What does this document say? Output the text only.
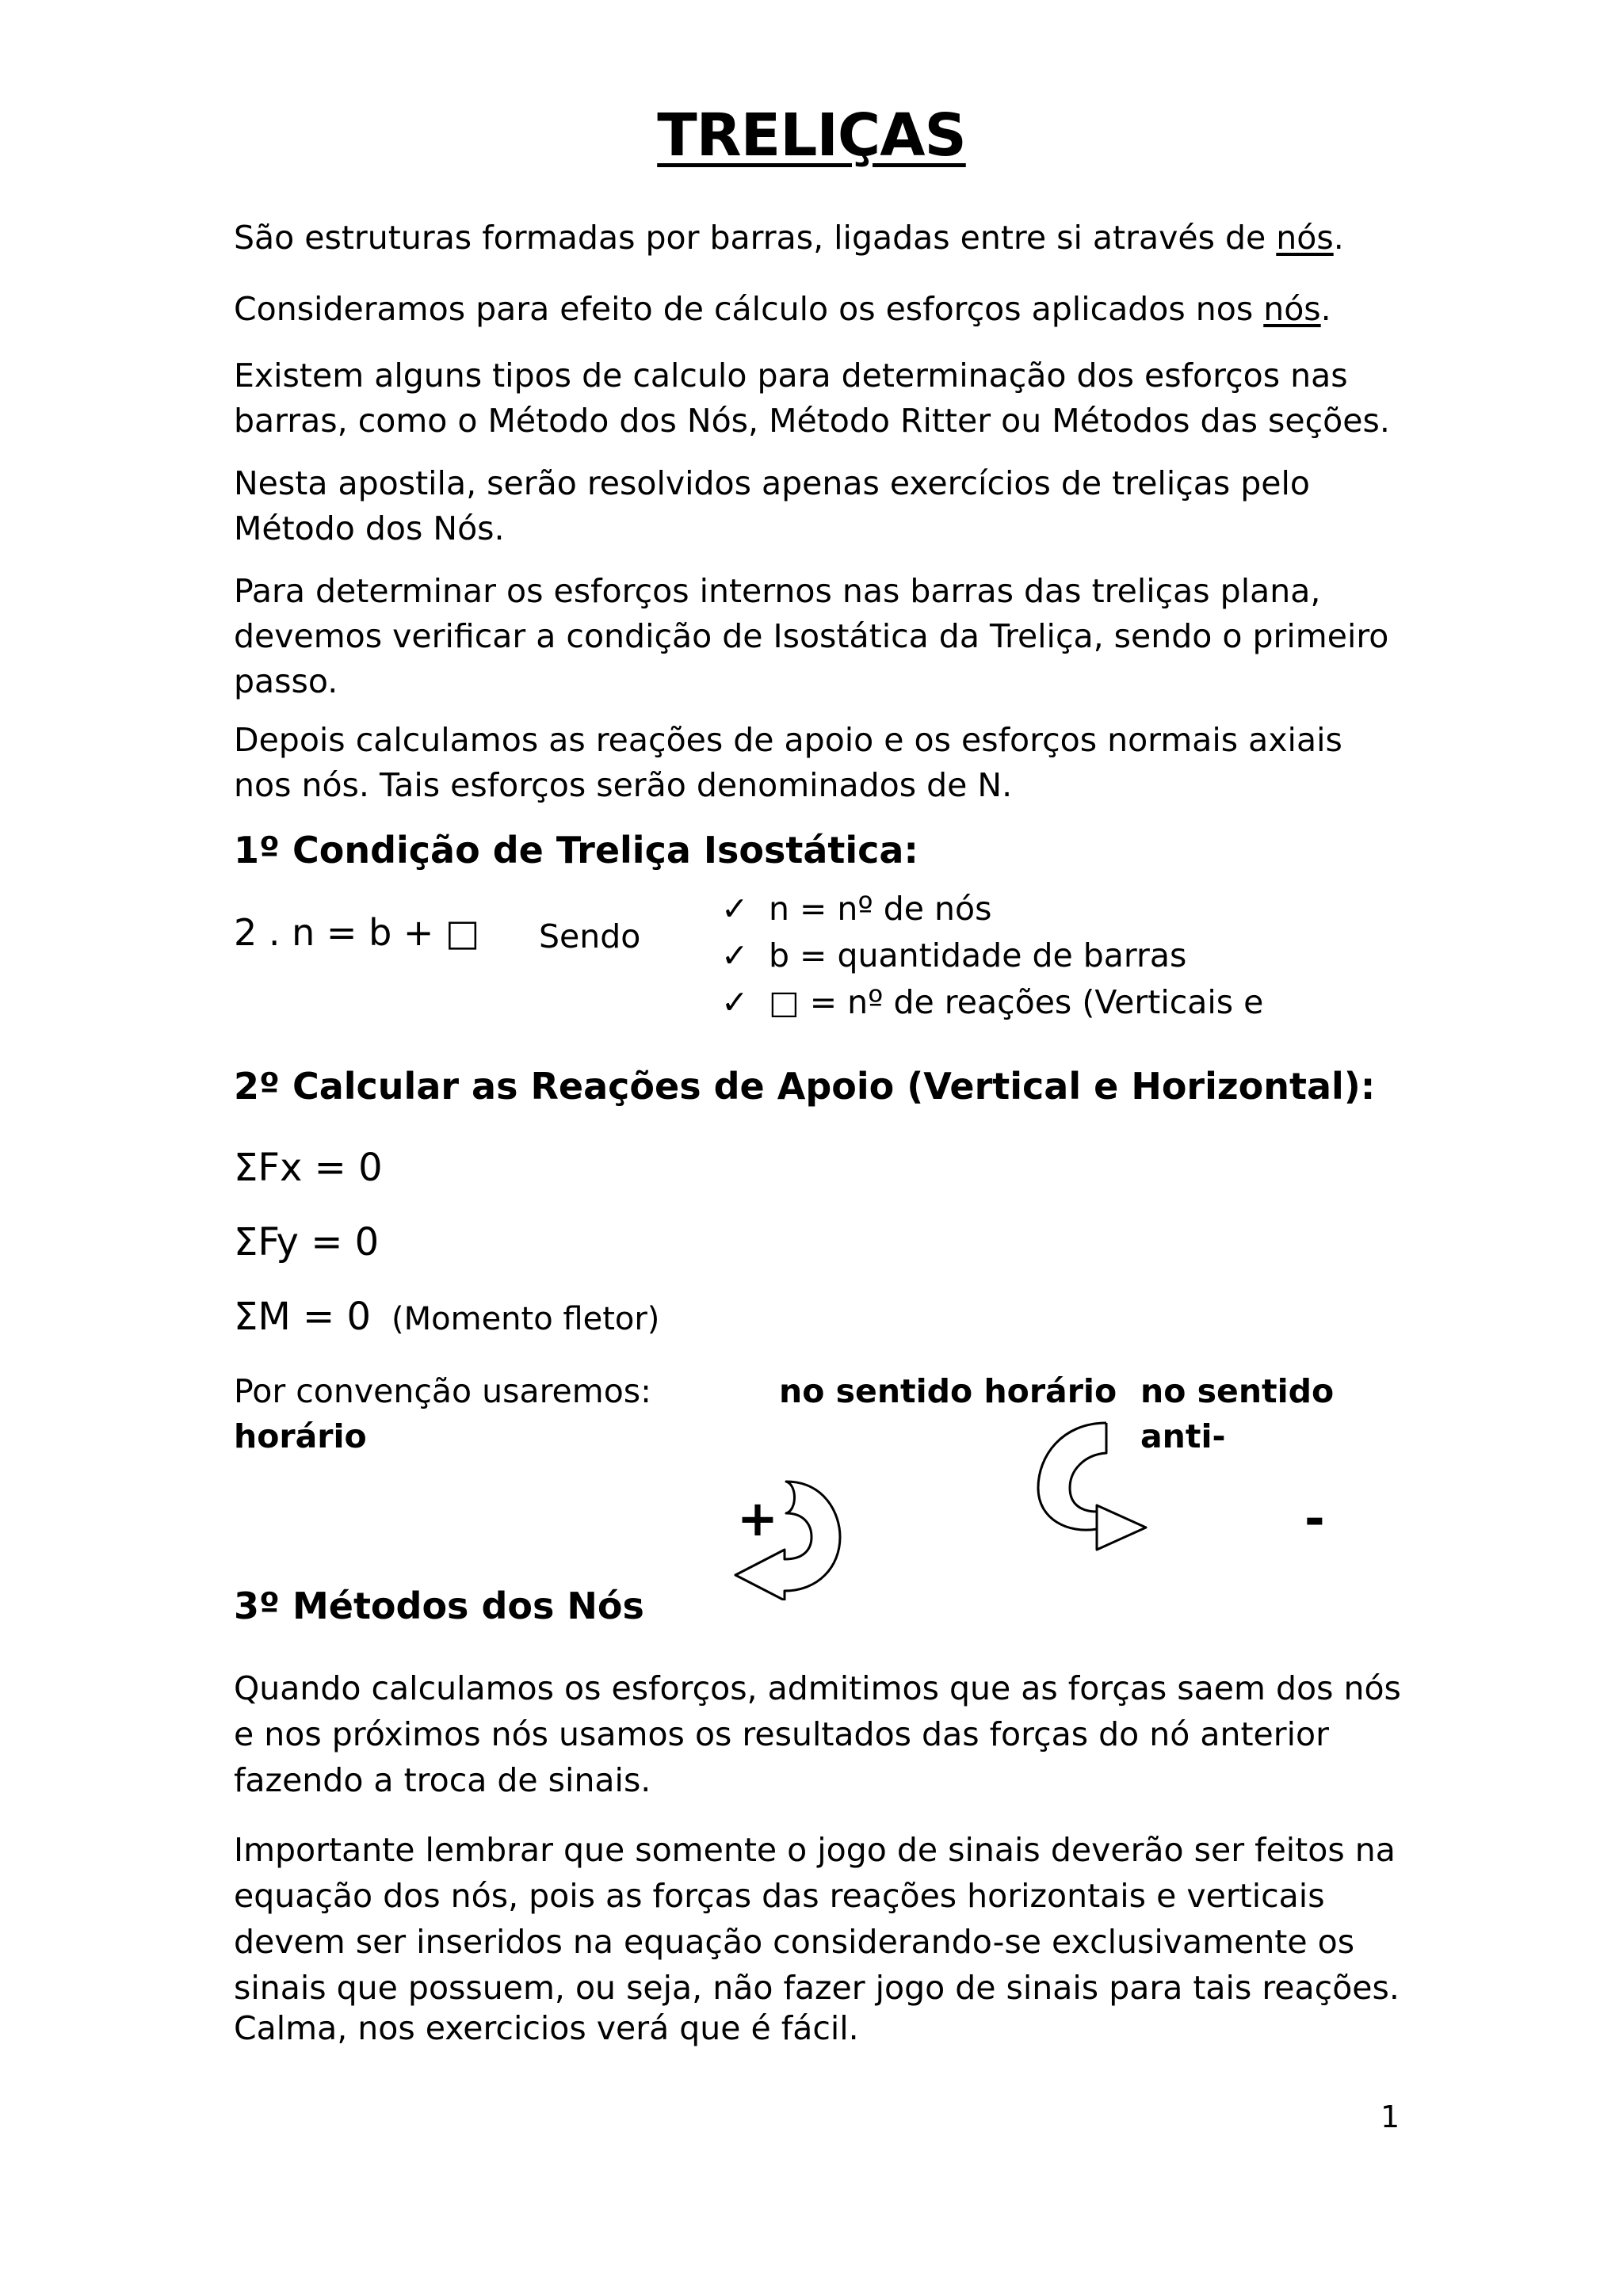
TRELIÇAS

São estruturas formadas por barras, ligadas entre si através de nós.

Consideramos para efeito de cálculo os esforços aplicados nos nós.

Existem alguns tipos de calculo para determinação dos esforços nas barras, como o Método dos Nós, Método Ritter ou Métodos das seções.

Nesta apostila, serão resolvidos apenas exercícios de treliças pelo Método dos Nós.

Para determinar os esforços internos nas barras das treliças plana, devemos verificar a condição de Isostática da Treliça, sendo o primeiro passo.

Depois calculamos as reações de apoio e os esforços normais axiais nos nós. Tais esforços serão denominados de N.

1º Condição de Treliça Isostática:
2 . n = b + □ Sendo
✓ n = nº de nós
✓ b = quantidade de barras
✓ □ = nº de reações (Verticais e
2º Calcular as Reações de Apoio (Vertical e Horizontal):
ΣFx = 0
ΣFy = 0
ΣM = 0 (Momento fletor)
Por convenção usaremos:	no sentido horário no sentido anti-
horário
+	-
3º Métodos dos Nós

Quando calculamos os esforços, admitimos que as forças saem dos nós e nos próximos nós usamos os resultados das forças do nó anterior fazendo a troca de sinais.

Importante lembrar que somente o jogo de sinais deverão ser feitos na equação dos nós, pois as forças das reações horizontais e verticais devem ser inseridos na equação considerando-se exclusivamente os sinais que possuem, ou seja, não fazer jogo de sinais para tais reações.

Calma, nos exercicios verá que é fácil.

1
